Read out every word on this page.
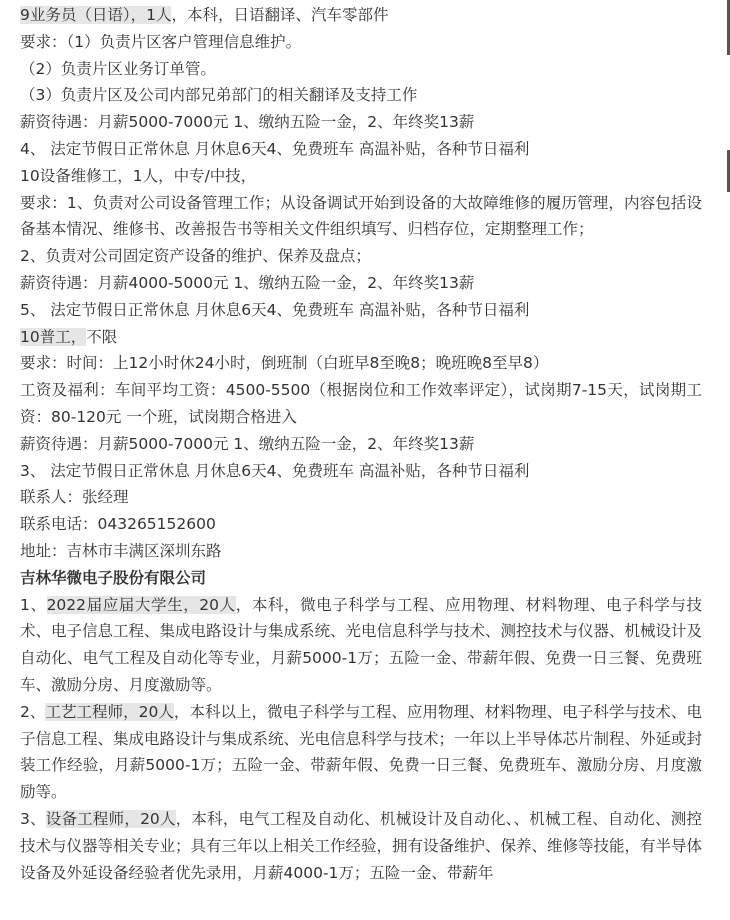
9业务员（日语），1人，本科，日语翻译、汽车零部件
要求：（1）负责片区客户管理信息维护。
（2）负责片区业务订单管。
（3）负责片区及公司内部兄弟部门的相关翻译及支持工作
薪资待遇：月薪5000-7000元 1、缴纳五险一金，2、年终奖13薪
4、 法定节假日正常休息 月休息6天4、免费班车 高温补贴，各种节日福利
10设备维修工，1人，中专/中技，
要求：1、负责对公司设备管理工作；从设备调试开始到设备的大故障维修的履历管理，内容包括设备基本情况、维修书、改善报告书等相关文件组织填写、归档存位，定期整理工作；
2、负责对公司固定资产设备的维护、保养及盘点；
薪资待遇：月薪4000-5000元 1、缴纳五险一金，2、年终奖13薪
5、 法定节假日正常休息 月休息6天4、免费班车 高温补贴，各种节日福利
10普工，不限
要求：时间：上12小时休24小时，倒班制（白班早8至晚8；晚班晚8至早8）
工资及福利：车间平均工资：4500-5500（根据岗位和工作效率评定），试岗期7-15天，试岗期工资：80-120元 一个班，试岗期合格进入
薪资待遇：月薪5000-7000元 1、缴纳五险一金，2、年终奖13薪
3、 法定节假日正常休息 月休息6天4、免费班车 高温补贴，各种节日福利
联系人：张经理
联系电话：043265152600
地址：吉林市丰满区深圳东路
吉林华微电子股份有限公司
1、2022届应届大学生，20人，本科，微电子科学与工程、应用物理、材料物理、电子科学与技术、电子信息工程、集成电路设计与集成系统、光电信息科学与技术、测控技术与仪器、机械设计及自动化、电气工程及自动化等专业，月薪5000-1万；五险一金、带薪年假、免费一日三餐、免费班车、激励分房、月度激励等。
2、工艺工程师，20人，本科以上，微电子科学与工程、应用物理、材料物理、电子科学与技术、电子信息工程、集成电路设计与集成系统、光电信息科学与技术；一年以上半导体芯片制程、外延或封装工作经验，月薪5000-1万；五险一金、带薪年假、免费一日三餐、免费班车、激励分房、月度激励等。
3、设备工程师，20人，本科，电气工程及自动化、机械设计及自动化、、机械工程、自动化、测控技术与仪器等相关专业；具有三年以上相关工作经验，拥有设备维护、保养、维修等技能，有半导体设备及外延设备经验者优先录用，月薪4000-1万；五险一金、带薪年
